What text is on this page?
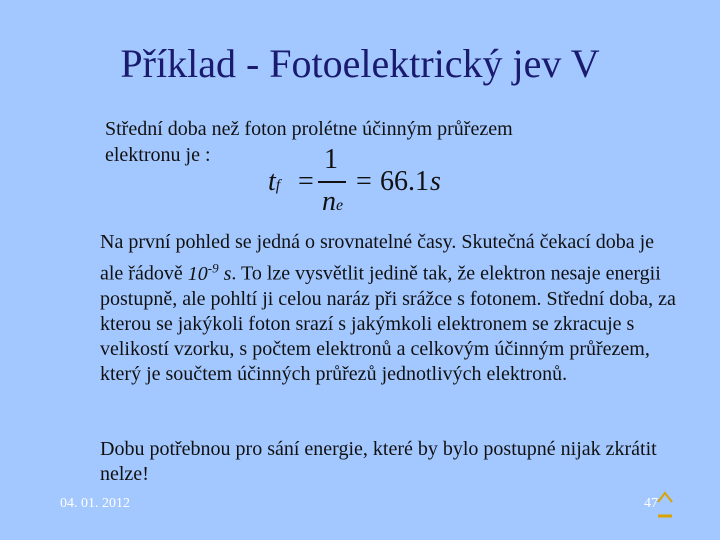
Příklad - Fotoelektrický jev V
Střední doba než foton prolétne účinným průřezem
elektronu je :
tf =
1
ne
= 66.1 s
Na první pohled se jedná o srovnatelné časy. Skutečná čekací doba je ale řádově $10^{-9}$ s. To lze vysvětlit jedině tak, že elektron nesaje energii postupně, ale pohltí ji celou naráz při srážce s fotonem. Střední doba, za kterou se jakýkoli foton srazí s jakýmkoli elektronem se zkracuje s velikostí vzorku, s počtem elektronů a celkovým účinným průřezem, který je součtem účinných průřezů jednotlivých elektronů.
Dobu potřebnou pro sání energie, které by bylo postupné nijak zkrátit nelze!
04. 01. 2012	47
